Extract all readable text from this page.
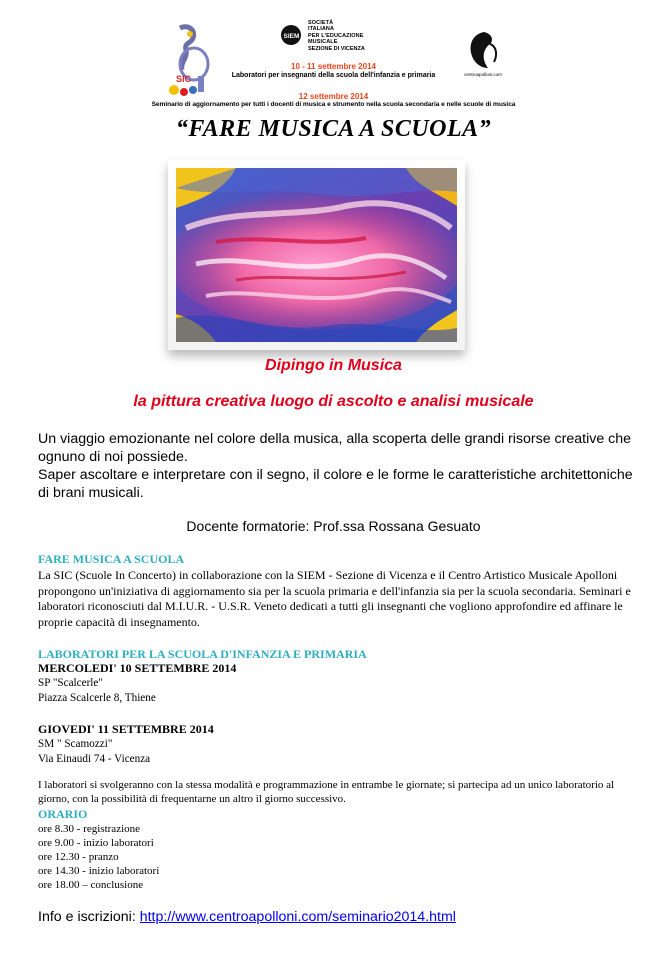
SIC
SIEM
SOCIETÀ
ITALIANA
PER L'EDUCAZIONE
MUSICALE
SEZIONE DI VICENZA
centroapolloni.com
10 - 11 settembre 2014
Laboratori per insegnanti della scuola dell'infanzia e primaria
12 settembre 2014
Seminario di aggiornamento per tutti i docenti di musica e strumento nella scuola secondaria e nelle scuole di musica
“FARE MUSICA A SCUOLA”
Dipingo in Musica
la pittura creativa luogo di ascolto e analisi musicale

Un viaggio emozionante nel colore della musica, alla scoperta delle grandi risorse creative che ognuno di noi possiede.

Saper ascoltare e interpretare con il segno, il colore e le forme le caratteristiche architettoniche di brani musicali.

Docente formatorie: Prof.ssa Rossana Gesuato
FARE MUSICA A SCUOLA
La SIC (Scuole In Concerto) in collaborazione con la SIEM - Sezione di Vicenza e il Centro Artistico Musicale Apolloni propongono un'iniziativa di aggiornamento sia per la scuola primaria e dell'infanzia sia per la scuola secondaria. Seminari e laboratori riconosciuti dal M.I.U.R. - U.S.R. Veneto dedicati a tutti gli insegnanti che vogliono approfondire ed affinare le proprie capacità di insegnamento.
LABORATORI PER LA SCUOLA D'INFANZIA E PRIMARIA
MERCOLEDI' 10 SETTEMBRE 2014
SP "Scalcerle"
Piazza Scalcerle 8, Thiene
GIOVEDI' 11 SETTEMBRE 2014
SM " Scamozzi"
Via Einaudi 74 - Vicenza
I laboratori si svolgeranno con la stessa modalità e programmazione in entrambe le giornate; si partecipa ad un unico laboratorio al giorno, con la possibilità di frequentarne un altro il giorno successivo.
ORARIO
ore 8.30 - registrazione
ore 9.00 - inizio laboratori
ore 12.30 - pranzo
ore 14.30 - inizio laboratori
ore 18.00 – conclusione
Info e iscrizioni: http://www.centroapolloni.com/seminario2014.html
